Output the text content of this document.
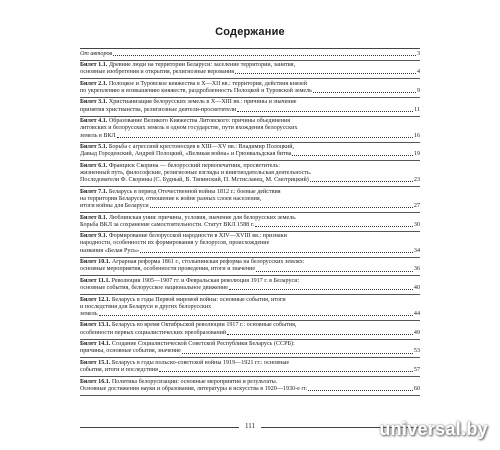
Содержание
От авторов	3
Билет 1.1. Древние люди на территории Беларуси: заселение территории, занятия,
основные изобретения и открытия, религиозные верования	4
Билет 2.1. Полоцкое и Туровское княжества в X—XII вв.: территория, действия князей
по укреплению и возвышению княжеств, раздробленность Полоцкой и Туровской земель	9
Билет 3.1. Христианизация белорусских земель в X—XIII вв.: причины и значение
принятия христианства, религиозные деятели-просветители	11
Билет 4.1. Образование Великого Княжества Литовского: причины объединения
литовских и белорусских земель в одном государстве, пути вхождения белорусских
земель в ВКЛ	16
Билет 5.1. Борьба с агрессией крестоносцев в XIII—XV вв.: Владимир Полоцкий,
Давыд Городенский, Андрей Полоцкий, «Великая война» и Грюнвальдская битва	19
Билет 6.1. Франциск Скорина — белорусский первопечатник, просветитель:
жизненный путь, философские, религиозные взгляды и книгоиздательская деятельность.
Последователи Ф. Скорины (С. Будный, В. Тяпинский, П. Мстиславец, М. Смотрицкий)	23
Билет 7.1. Беларусь в период Отечественной войны 1812 г.: боевые действия
на территории Беларуси, отношение к войне разных слоев населения,
итоги войны для Беларуси	27
Билет 8.1. Люблинская уния: причины, условия, значение для белорусских земель.
Борьба ВКЛ за сохранение самостоятельности. Статут ВКЛ 1588 г.	30
Билет 9.1. Формирование белорусской народности в XIV—XVIII вв.: признаки
народности, особенности их формирования у белорусов, происхождение
названия «Белая Русь»	34
Билет 10.1. Аграрная реформа 1861 г., столыпинская реформа на белорусских землях:
основные мероприятия, особенности проведения, итоги и значение	36
Билет 11.1. Революция 1905—1907 гг. и Февральская революция 1917 г. в Беларуси:
основные события, белорусское национальное движение	40
Билет 12.1. Беларусь в годы Первой мировой войны: основные события, итоги
и последствия для Беларуси и других белорусских
земель	44
Билет 13.1. Беларусь во время Октябрьской революции 1917 г.: основные события,
особенности первых социалистических преобразований	49
Билет 14.1. Создание Социалистической Советской Республики Беларусь (ССРБ):
причины, основные события, значение	53
Билет 15.1. Беларусь в годы польско-советской войны 1919—1921 гг.: основные
события, итоги и последствия	57
Билет 16.1. Политика белорусизации: основные мероприятия и результаты.
Основные достижения науки и образования, литературы и искусства в 1920—1930-е гг.	60
111	universal.by
